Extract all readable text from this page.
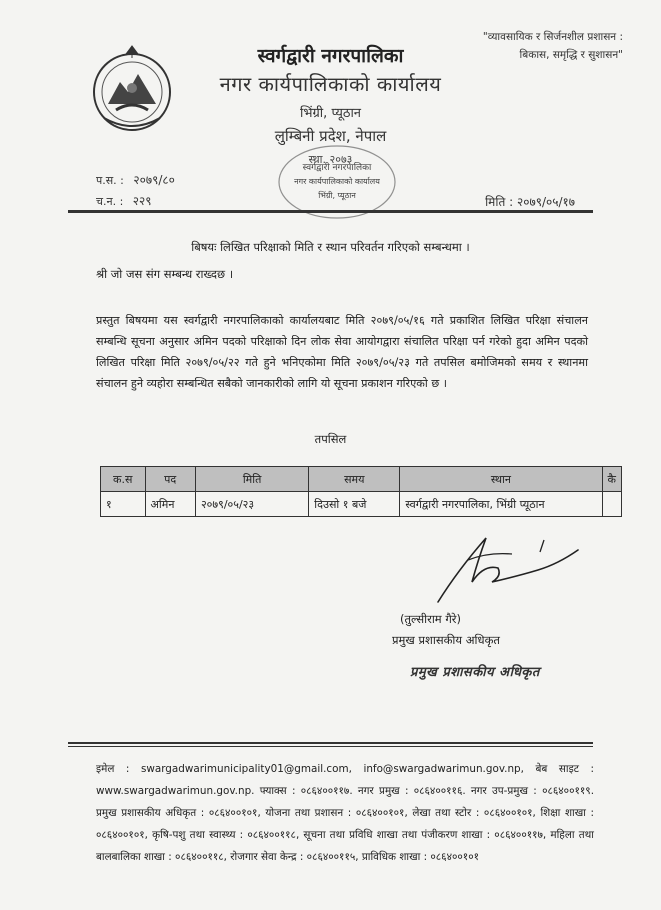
"व्यावसायिक र सिर्जनशील प्रशासन :
बिकास, समृद्धि र सुशासन"
स्वर्गद्वारी नगरपालिका
नगर कार्यपालिकाको कार्यालय
भिंग्री, प्यूठान
लुम्बिनी प्रदेश, नेपाल
स्था. २०७३
स्वर्गद्वारी नगरपालिका
नगर कार्यपालिकाको कार्यालय
भिंग्री, प्यूठान
प.स. : २०७९/८०
च.न. : २२९	मिति : २०७९/०५/१७
बिषयः लिखित परिक्षाको मिति र स्थान परिवर्तन गरिएको सम्बन्धमा ।
श्री जो जस संग सम्बन्ध राख्दछ ।
प्रस्तुत बिषयमा यस स्वर्गद्वारी नगरपालिकाको कार्यालयबाट मिति २०७९/०५/१६ गते प्रकाशित लिखित परिक्षा संचालन सम्बन्धि सूचना अनुसार अमिन पदको परिक्षाको दिन लोक सेवा आयोगद्वारा संचालित परिक्षा पर्न गरेको हुदा अमिन पदको लिखित परिक्षा मिति २०७९/०५/२२ गते हुने भनिएकोमा मिति २०७९/०५/२३ गते तपसिल बमोजिमको समय र स्थानमा संचालन हुने व्यहोरा सम्बन्धित सबैको जानकारीको लागि यो सूचना प्रकाशन गरिएको छ ।
तपसिल
क.स	पद	मिति	समय	स्थान	कै
१	अमिन	२०७९/०५/२३	दिउसो १ बजे	स्वर्गद्वारी नगरपालिका, भिंग्री प्यूठान	
(तुल्सीराम गैरे)
प्रमुख प्रशासकीय अधिकृत
प्रमुख प्रशासकीय अधिकृत
इमेल : swargadwarimunicipality01@gmail.com, info@swargadwarimun.gov.np, बेब साइट : www.swargadwarimun.gov.np. फ्याक्स : ०८६४००११७. नगर प्रमुख : ०८६४००११६. नगर उप-प्रमुख : ०८६४००११९. प्रमुख प्रशासकीय अधिकृत : ०८६४००१०१, योजना तथा प्रशासन : ०८६४००१०१, लेखा तथा स्टोर : ०८६४००१०१, शिक्षा शाखा : ०८६४००१०१, कृषि-पशु तथा स्वास्थ्य : ०८६४००११८, सूचना तथा प्रविधि शाखा तथा पंजीकरण शाखा : ०८६४००११७, महिला तथा बालबालिका शाखा : ०८६४००११८, रोजगार सेवा केन्द्र : ०८६४००११५, प्राविधिक शाखा : ०८६४००१०१
